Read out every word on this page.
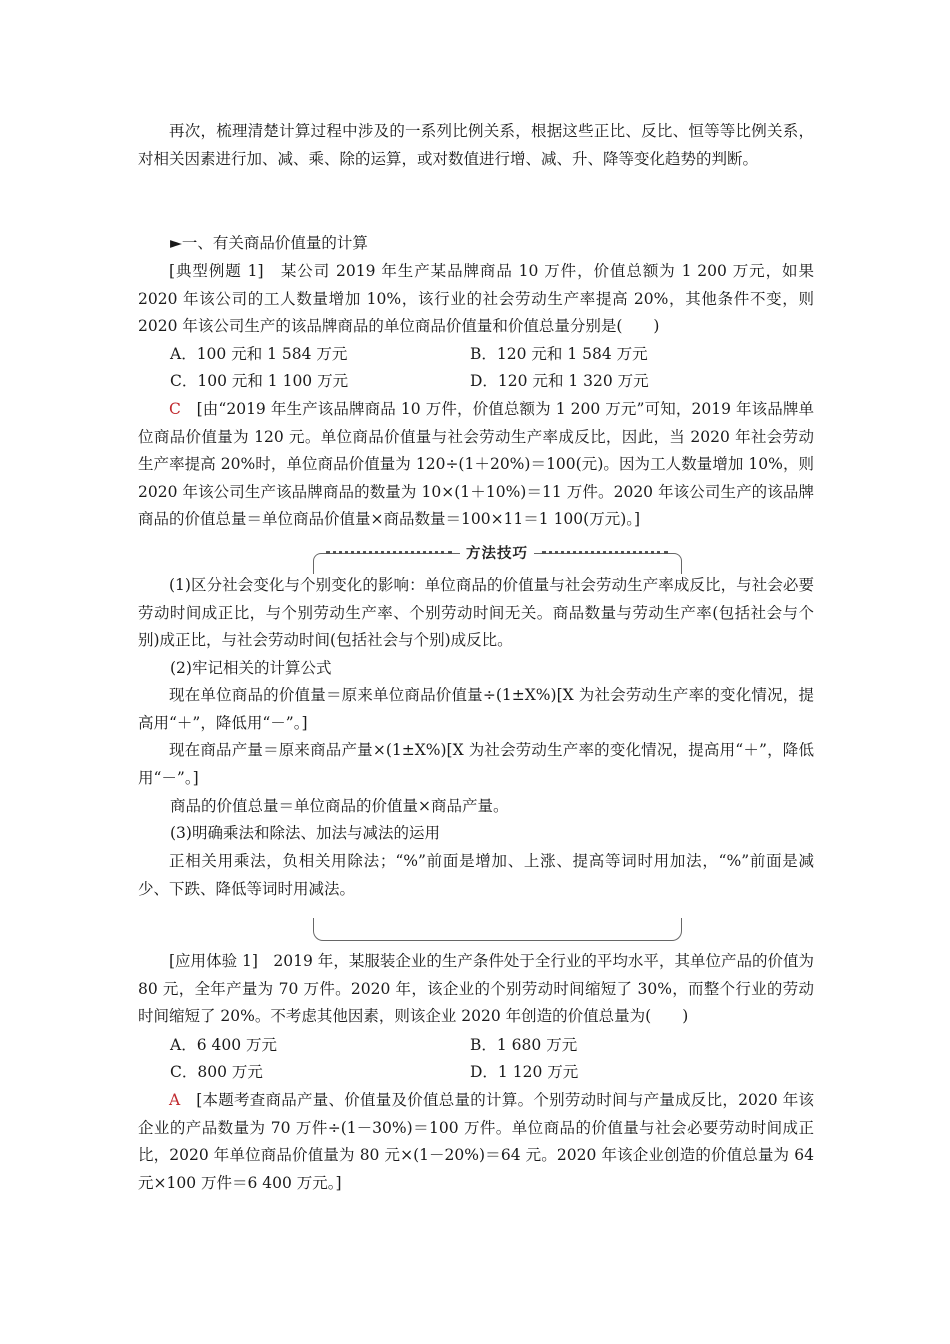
再次，梳理清楚计算过程中涉及的一系列比例关系，根据这些正比、反比、恒等等比例关系，对相关因素进行加、减、乘、除的运算，或对数值进行增、减、升、降等变化趋势的判断。

►一、有关商品价值量的计算

[典型例题 1]　某公司 2019 年生产某品牌商品 10 万件，价值总额为 1 200 万元，如果 2020 年该公司的工人数量增加 10%，该行业的社会劳动生产率提高 20%，其他条件不变，则 2020 年该公司生产的该品牌商品的单位商品价值量和价值总量分别是(　　)

A．100 元和 1 584 万元	B．120 元和 1 584 万元
C．100 元和 1 100 万元	D．120 元和 1 320 万元

C　[由“2019 年生产该品牌商品 10 万件，价值总额为 1 200 万元”可知，2019 年该品牌单位商品价值量为 120 元。单位商品价值量与社会劳动生产率成反比，因此，当 2020 年社会劳动生产率提高 20%时，单位商品价值量为 120÷(1＋20%)＝100(元)。因为工人数量增加 10%，则 2020 年该公司生产该品牌商品的数量为 10×(1＋10%)＝11 万件。2020 年该公司生产的该品牌商品的价值总量＝单位商品价值量×商品数量＝100×11＝1 100(万元)。]

方法技巧

(1)区分社会变化与个别变化的影响：单位商品的价值量与社会劳动生产率成反比，与社会必要劳动时间成正比，与个别劳动生产率、个别劳动时间无关。商品数量与劳动生产率(包括社会与个别)成正比，与社会劳动时间(包括社会与个别)成反比。

(2)牢记相关的计算公式

现在单位商品的价值量＝原来单位商品价值量÷(1±X%)[X 为社会劳动生产率的变化情况，提高用“＋”，降低用“－”。]

现在商品产量＝原来商品产量×(1±X%)[X 为社会劳动生产率的变化情况，提高用“＋”，降低用“－”。]

商品的价值总量＝单位商品的价值量×商品产量。

(3)明确乘法和除法、加法与减法的运用

正相关用乘法，负相关用除法；“%”前面是增加、上涨、提高等词时用加法，“%”前面是减少、下跌、降低等词时用减法。

[应用体验 1]　2019 年，某服装企业的生产条件处于全行业的平均水平，其单位产品的价值为 80 元，全年产量为 70 万件。2020 年，该企业的个别劳动时间缩短了 30%，而整个行业的劳动时间缩短了 20%。不考虑其他因素，则该企业 2020 年创造的价值总量为(　　)

A．6 400 万元	B．1 680 万元
C．800 万元	D．1 120 万元

A　[本题考查商品产量、价值量及价值总量的计算。个别劳动时间与产量成反比，2020 年该企业的产品数量为 70 万件÷(1－30%)＝100 万件。单位商品的价值量与社会必要劳动时间成正比，2020 年单位商品价值量为 80 元×(1－20%)＝64 元。2020 年该企业创造的价值总量为 64 元×100 万件＝6 400 万元。]
